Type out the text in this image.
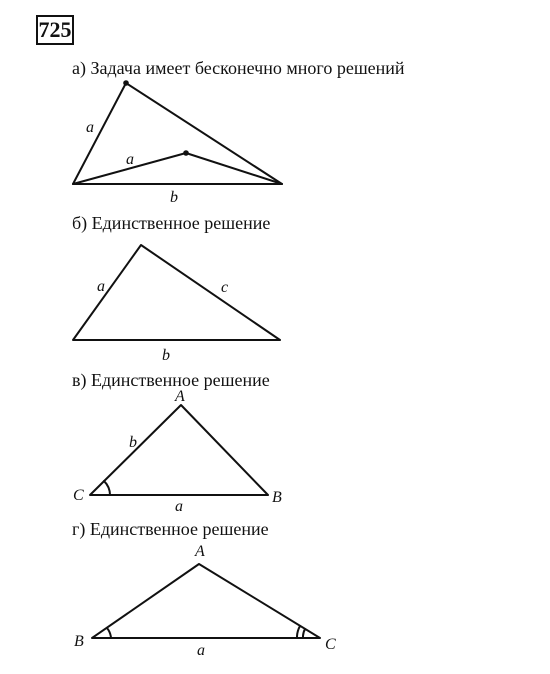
725
а) Задача имеет бесконечно много решений
б) Единственное решение
в) Единственное решение
г) Единственное решение
a
a
b
a	c
b
A
B
C
b
a
A
B	C
a
